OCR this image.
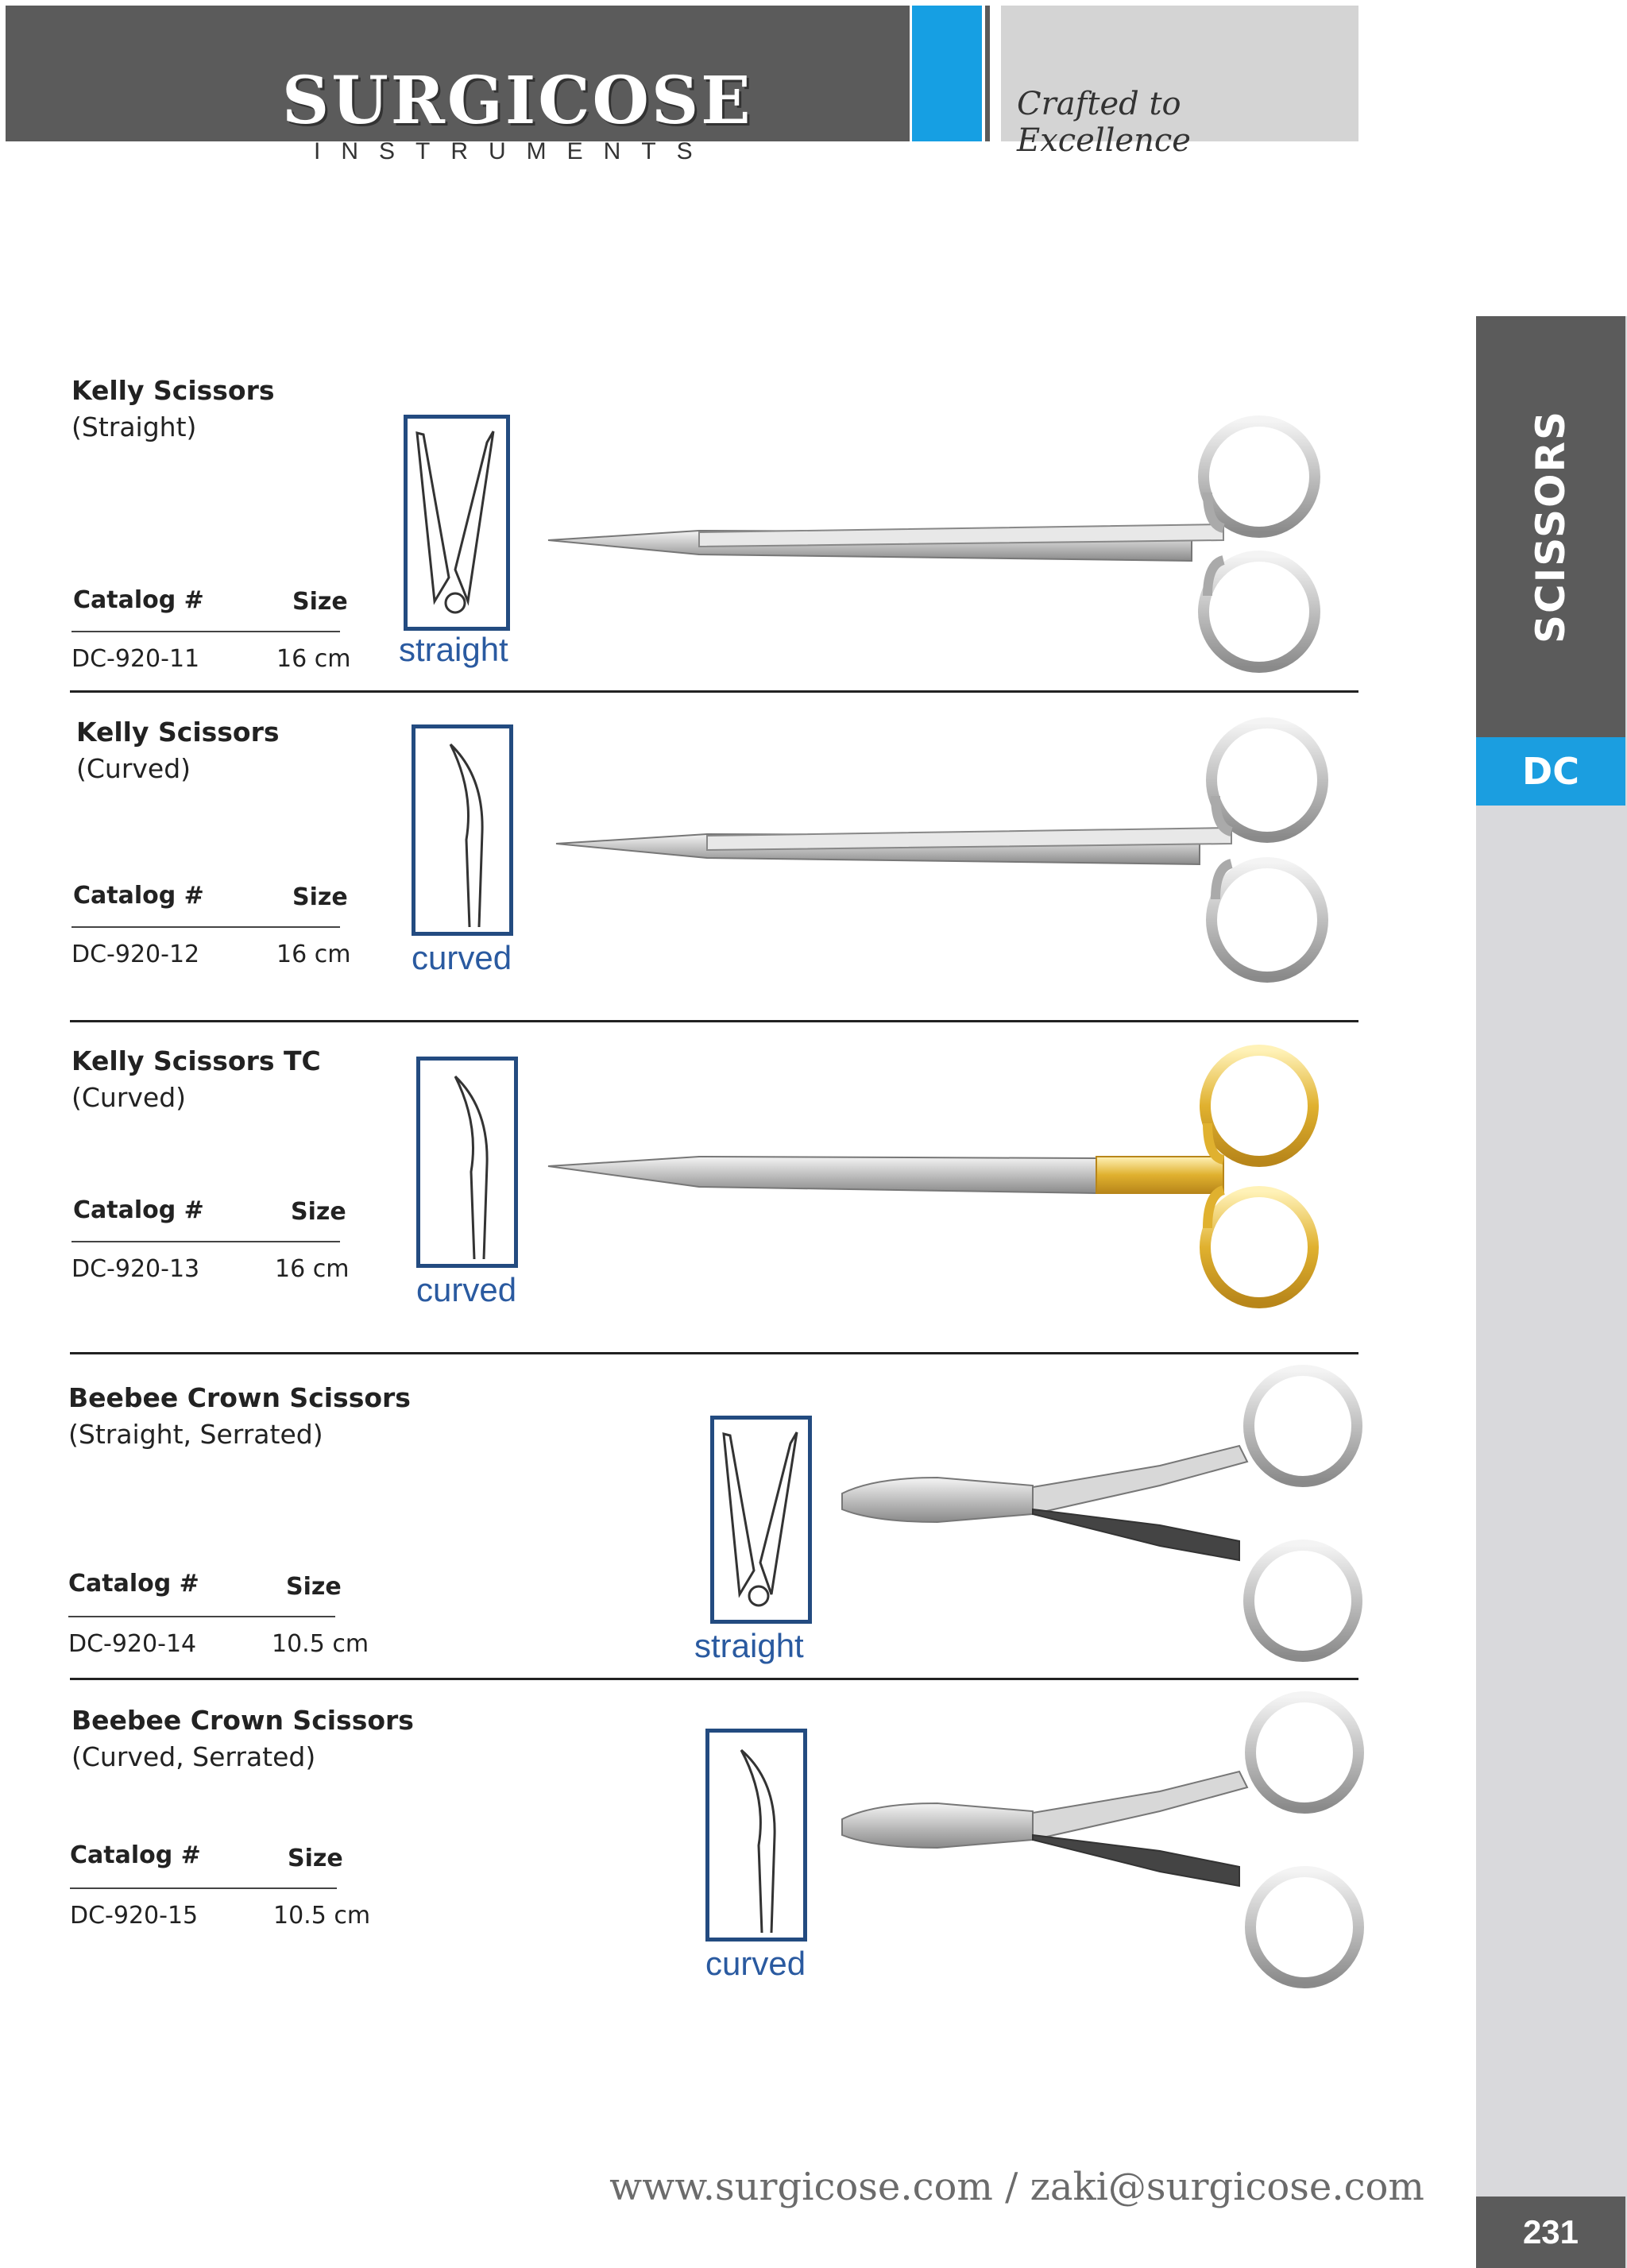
SURGICOSE
INSTRUMENTS
Crafted to Excellence
SCISSORS
DC
231
Kelly Scissors
(Straight)
Catalog #	Size
DC-920-11	16 cm straight
Kelly Scissors
(Curved)
Catalog #	Size
DC-920-12	16 cm curved
Kelly Scissors TC
(Curved)
Catalog #	Size
DC-920-13	16 cm
curved
Beebee Crown Scissors
(Straight, Serrated)
Catalog #	Size
DC-920-14	10.5 cm	straight
Beebee Crown Scissors
(Curved, Serrated)
Catalog #	Size
DC-920-15	10.5 cm
curved
www.surgicose.com / zaki@surgicose.com
